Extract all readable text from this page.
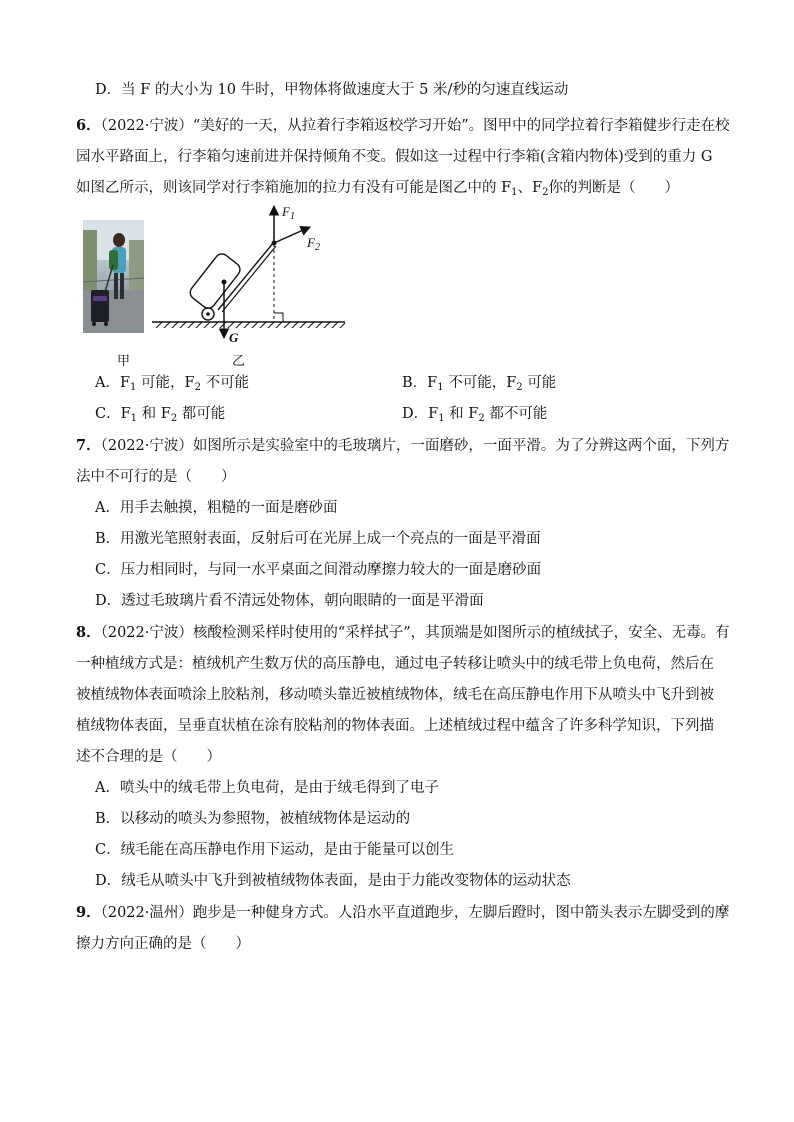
D．当 F 的大小为 10 牛时，甲物体将做速度大于 5 米/秒的匀速直线运动
6．（2022·宁波）“美好的一天，从拉着行李箱返校学习开始”。图甲中的同学拉着行李箱健步行走在校
园水平路面上，行李箱匀速前进并保持倾角不变。假如这一过程中行李箱(含箱内物体)受到的重力 G
如图乙所示，则该同学对行李箱施加的拉力有没有可能是图乙中的 $F_1$、$F_2$你的判断是（　　）
甲
$F_1$
$F_2$
G
乙
A．$F_1$ 可能，$F_2$ 不可能	B．$F_1$ 不可能，$F_2$ 可能
C．$F_1$ 和 $F_2$ 都可能	D．$F_1$ 和 $F_2$ 都不可能
7．（2022·宁波）如图所示是实验室中的毛玻璃片，一面磨砂，一面平滑。为了分辨这两个面，下列方
法中不可行的是（　　）
A．用手去触摸，粗糙的一面是磨砂面
B．用激光笔照射表面，反射后可在光屏上成一个亮点的一面是平滑面
C．压力相同时，与同一水平桌面之间滑动摩擦力较大的一面是磨砂面
D．透过毛玻璃片看不清远处物体，朝向眼睛的一面是平滑面
8．（2022·宁波）核酸检测采样时使用的“采样拭子”，其顶端是如图所示的植绒拭子，安全、无毒。有
一种植绒方式是：植绒机产生数万伏的高压静电，通过电子转移让喷头中的绒毛带上负电荷，然后在
被植绒物体表面喷涂上胶粘剂，移动喷头靠近被植绒物体，绒毛在高压静电作用下从喷头中飞升到被
植绒物体表面，呈垂直状植在涂有胶粘剂的物体表面。上述植绒过程中蕴含了许多科学知识，下列描
述不合理的是（　　）
A．喷头中的绒毛带上负电荷，是由于绒毛得到了电子
B．以移动的喷头为参照物，被植绒物体是运动的
C．绒毛能在高压静电作用下运动，是由于能量可以创生
D．绒毛从喷头中飞升到被植绒物体表面，是由于力能改变物体的运动状态
9．（2022·温州）跑步是一种健身方式。人沿水平直道跑步，左脚后蹬时，图中箭头表示左脚受到的摩
擦力方向正确的是（　　）
